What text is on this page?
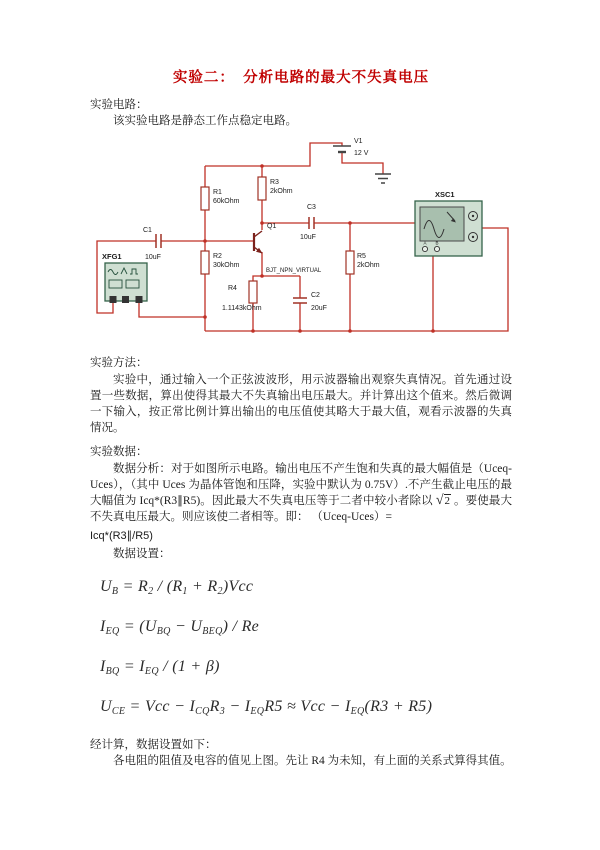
实验二：　分析电路的最大不失真电压

实验电路：

该实验电路是静态工作点稳定电路。

A B
V1
12 V
R1
60kOhm
R2
30kOhm
R3
2kOhm
R5
2kOhm
R4
1.1143kOhm
C1
10uF
C3
10uF
C2
20uF
Q1
BJT_NPN_VIRTUAL
XFG1
XSC1

实验方法：

实验中，通过输入一个正弦波波形，用示波器输出观察失真情况。首先通过设置一些数据，算出使得其最大不失真输出电压最大。并计算出这个值来。然后微调一下输入，按正常比例计算出输出的电压值使其略大于最大值，观看示波器的失真情况。

实验数据：

数据分析：对于如图所示电路。输出电压不产生饱和失真的最大幅值是（Uceq-Uces），（其中 Uces 为晶体管饱和压降，实验中默认为 0.75V）.不产生截止电压的最大幅值为 Icq*(R3∥R5)。因此最大不失真电压等于二者中较小者除以 √2 。要使最大不失真电压最大。则应该使二者相等。即： （Uceq-Uces）=

Icq*(R3∥/R5)

数据设置：

$U_B = R_2 / (R_1 + R_2)Vcc$
$I_{EQ} = (U_{BQ} - U_{BEQ}) / Re$
$I_{BQ} = I_{EQ} / (1 + \beta)$
$U_{CE}$ = Vcc − $I_{CQ}R_3 - I_{EQ}R5$ ≈ Vcc − $I_{EQ}(R3 + R5)$

经计算，数据设置如下：

各电阻的阻值及电容的值见上图。先让 R4 为未知，有上面的关系式算得其值。
